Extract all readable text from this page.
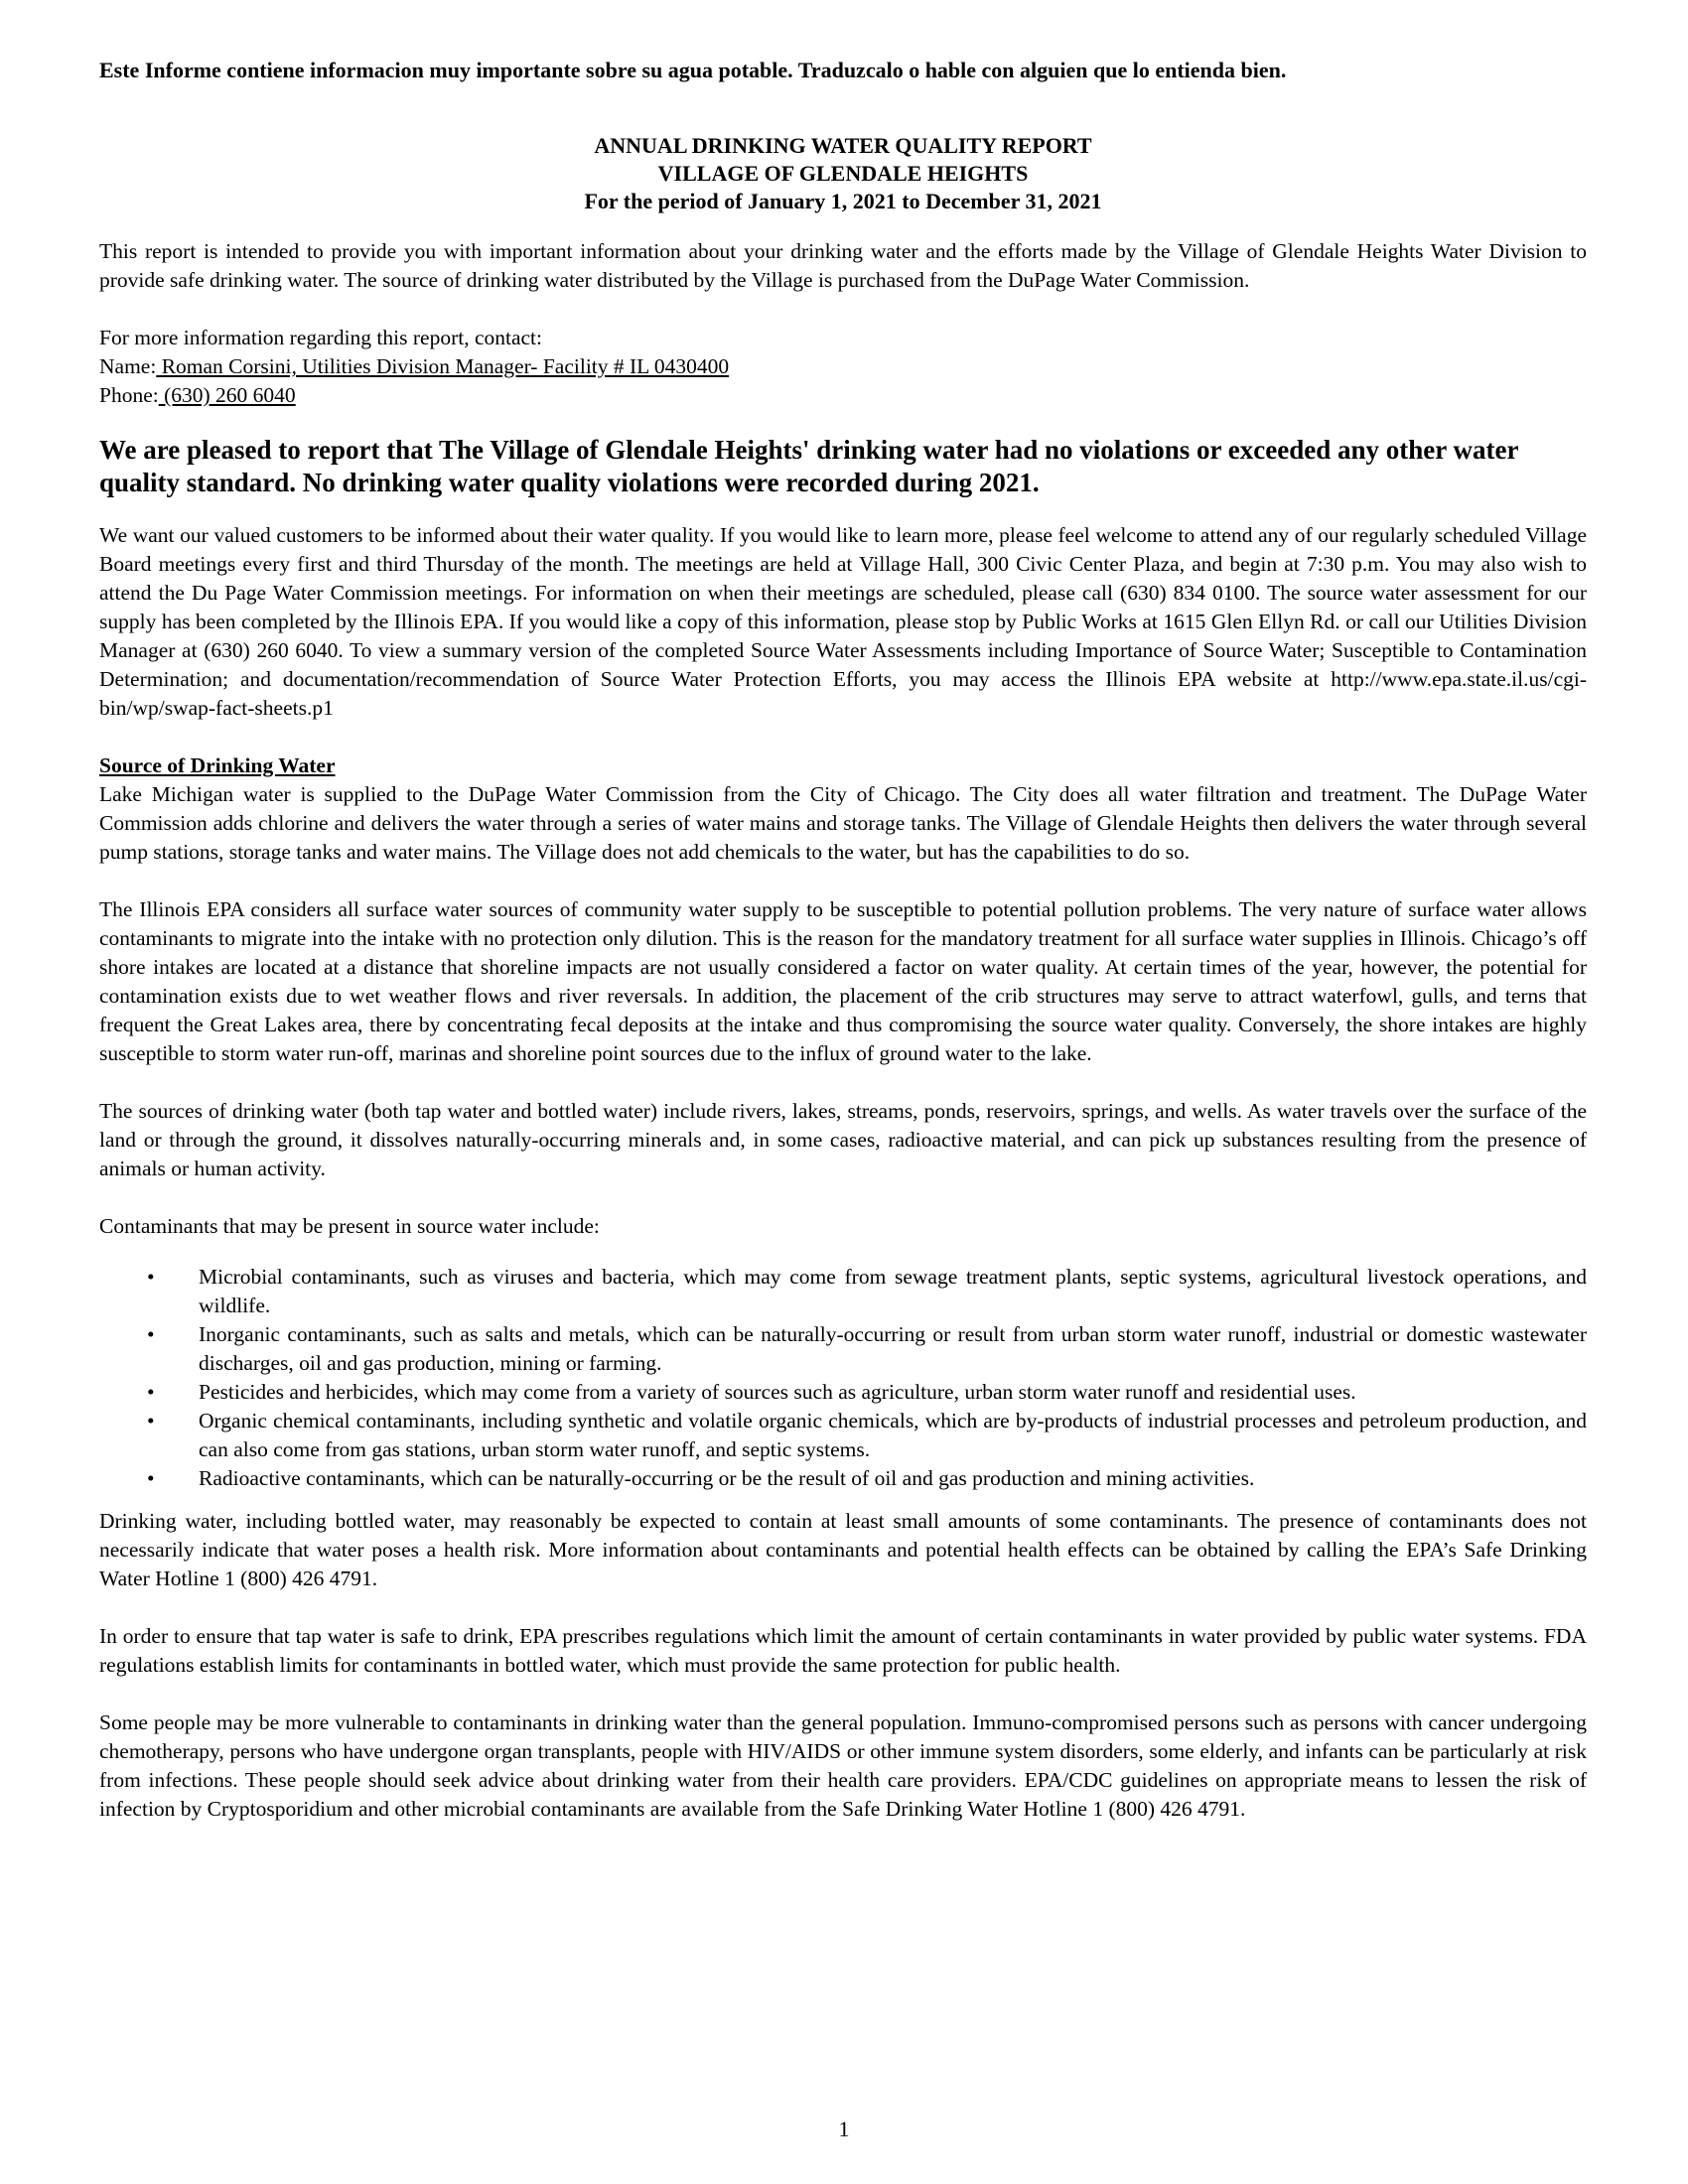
Este Informe contiene informacion muy importante sobre su agua potable. Traduzcalo o hable con alguien que lo entienda bien.
ANNUAL DRINKING WATER QUALITY REPORT
VILLAGE OF GLENDALE HEIGHTS
For the period of January 1, 2021 to December 31, 2021

This report is intended to provide you with important information about your drinking water and the efforts made by the Village of Glendale Heights Water Division to provide safe drinking water. The source of drinking water distributed by the Village is purchased from the DuPage Water Commission.

For more information regarding this report, contact:
Name: Roman Corsini, Utilities Division Manager- Facility # IL 0430400
Phone: (630) 260 6040
We are pleased to report that The Village of Glendale Heights' drinking water had no violations or exceeded any other water quality standard. No drinking water quality violations were recorded during 2021.

We want our valued customers to be informed about their water quality. If you would like to learn more, please feel welcome to attend any of our regularly scheduled Village Board meetings every first and third Thursday of the month. The meetings are held at Village Hall, 300 Civic Center Plaza, and begin at 7:30 p.m. You may also wish to attend the Du Page Water Commission meetings. For information on when their meetings are scheduled, please call (630) 834 0100. The source water assessment for our supply has been completed by the Illinois EPA. If you would like a copy of this information, please stop by Public Works at 1615 Glen Ellyn Rd. or call our Utilities Division Manager at (630) 260 6040. To view a summary version of the completed Source Water Assessments including Importance of Source Water; Susceptible to Contamination Determination; and documentation/recommendation of Source Water Protection Efforts, you may access the Illinois EPA website at http://www.epa.state.il.us/cgi-bin/wp/swap-fact-sheets.p1

Source of Drinking Water

Lake Michigan water is supplied to the DuPage Water Commission from the City of Chicago. The City does all water filtration and treatment. The DuPage Water Commission adds chlorine and delivers the water through a series of water mains and storage tanks. The Village of Glendale Heights then delivers the water through several pump stations, storage tanks and water mains. The Village does not add chemicals to the water, but has the capabilities to do so.

The Illinois EPA considers all surface water sources of community water supply to be susceptible to potential pollution problems. The very nature of surface water allows contaminants to migrate into the intake with no protection only dilution. This is the reason for the mandatory treatment for all surface water supplies in Illinois. Chicago’s off shore intakes are located at a distance that shoreline impacts are not usually considered a factor on water quality. At certain times of the year, however, the potential for contamination exists due to wet weather flows and river reversals. In addition, the placement of the crib structures may serve to attract waterfowl, gulls, and terns that frequent the Great Lakes area, there by concentrating fecal deposits at the intake and thus compromising the source water quality. Conversely, the shore intakes are highly susceptible to storm water run-off, marinas and shoreline point sources due to the influx of ground water to the lake.

The sources of drinking water (both tap water and bottled water) include rivers, lakes, streams, ponds, reservoirs, springs, and wells. As water travels over the surface of the land or through the ground, it dissolves naturally-occurring minerals and, in some cases, radioactive material, and can pick up substances resulting from the presence of animals or human activity.

Contaminants that may be present in source water include:
• Microbial contaminants, such as viruses and bacteria, which may come from sewage treatment plants, septic systems, agricultural livestock operations, and wildlife.
• Inorganic contaminants, such as salts and metals, which can be naturally-occurring or result from urban storm water runoff, industrial or domestic wastewater discharges, oil and gas production, mining or farming.
• Pesticides and herbicides, which may come from a variety of sources such as agriculture, urban storm water runoff and residential uses.
• Organic chemical contaminants, including synthetic and volatile organic chemicals, which are by-products of industrial processes and petroleum production, and can also come from gas stations, urban storm water runoff, and septic systems.
• Radioactive contaminants, which can be naturally-occurring or be the result of oil and gas production and mining activities.

Drinking water, including bottled water, may reasonably be expected to contain at least small amounts of some contaminants. The presence of contaminants does not necessarily indicate that water poses a health risk. More information about contaminants and potential health effects can be obtained by calling the EPA’s Safe Drinking Water Hotline 1 (800) 426 4791.

In order to ensure that tap water is safe to drink, EPA prescribes regulations which limit the amount of certain contaminants in water provided by public water systems. FDA regulations establish limits for contaminants in bottled water, which must provide the same protection for public health.

Some people may be more vulnerable to contaminants in drinking water than the general population. Immuno-compromised persons such as persons with cancer undergoing chemotherapy, persons who have undergone organ transplants, people with HIV/AIDS or other immune system disorders, some elderly, and infants can be particularly at risk from infections. These people should seek advice about drinking water from their health care providers. EPA/CDC guidelines on appropriate means to lessen the risk of infection by Cryptosporidium and other microbial contaminants are available from the Safe Drinking Water Hotline 1 (800) 426 4791.

1
